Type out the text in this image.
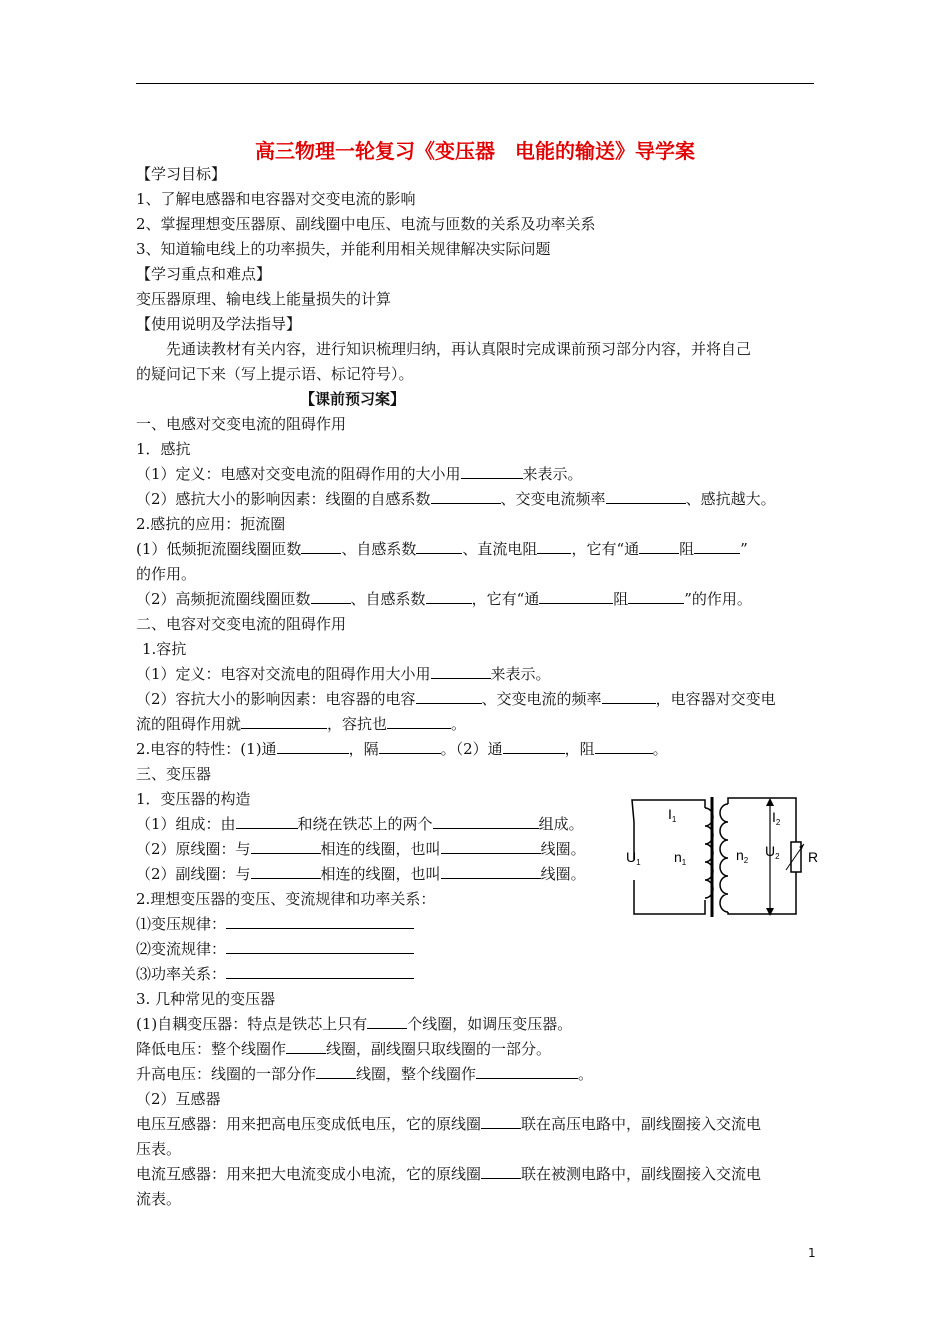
高三物理一轮复习《变压器　电能的输送》导学案
【学习目标】
1、了解电感器和电容器对交变电流的影响
2、掌握理想变压器原、副线圈中电压、电流与匝数的关系及功率关系
3、知道输电线上的功率损失，并能利用相关规律解决实际问题
【学习重点和难点】
变压器原理、输电线上能量损失的计算
【使用说明及学法指导】
先通读教材有关内容，进行知识梳理归纳，再认真限时完成课前预习部分内容，并将自己
的疑问记下来（写上提示语、标记符号）。
【课前预习案】
一、电感对交变电流的阻碍作用
1．感抗
（1）定义：电感对交变电流的阻碍作用的大小用	来表示。
（2）感抗大小的影响因素：线圈的自感系数	、交变电流频率	、感抗越大。
2.感抗的应用：扼流圈
(1）低频扼流圈线圈匝数	、自感系数	、直流电阻 ，它有“通	阻	”
的作用。
（2）高频扼流圈线圈匝数	、自感系数	，它有“通	阻	”的作用。
二、电容对交变电流的阻碍作用
1.容抗
（1）定义：电容对交流电的阻碍作用大小用	来表示。
（2）容抗大小的影响因素：电容器的电容	、交变电流的频率	，电容器对交变电
流的阻碍作用就	，容抗也	。
2.电容的特性：(1)通	，隔	。（2）通	，阻	。
三、变压器
1．变压器的构造
（1）组成：由	和绕在铁芯上的两个	组成。
（2）原线圈：与	相连的线圈，也叫	线圈。
（2）副线圈：与	相连的线圈，也叫	线圈。
2.理想变压器的变压、变流规律和功率关系：
⑴变压规律：
⑵变流规律：
⑶功率关系：
3. 几种常见的变压器
(1)自耦变压器：特点是铁芯上只有	个线圈，如调压变压器。
降低电压：整个线圈作	线圈，副线圈只取线圈的一部分。
升高电压：线圈的一部分作	线圈，整个线圈作	。
（2）互感器
电压互感器：用来把高电压变成低电压，它的原线圈	联在高压电路中，副线圈接入交流电
压表。
电流互感器：用来把大电流变成小电流，它的原线圈	联在被测电路中，副线圈接入交流电
流表。
$I_1$
$U_1$ $n_1$	$n_2$
$I_2$
$U_2$ R
1
